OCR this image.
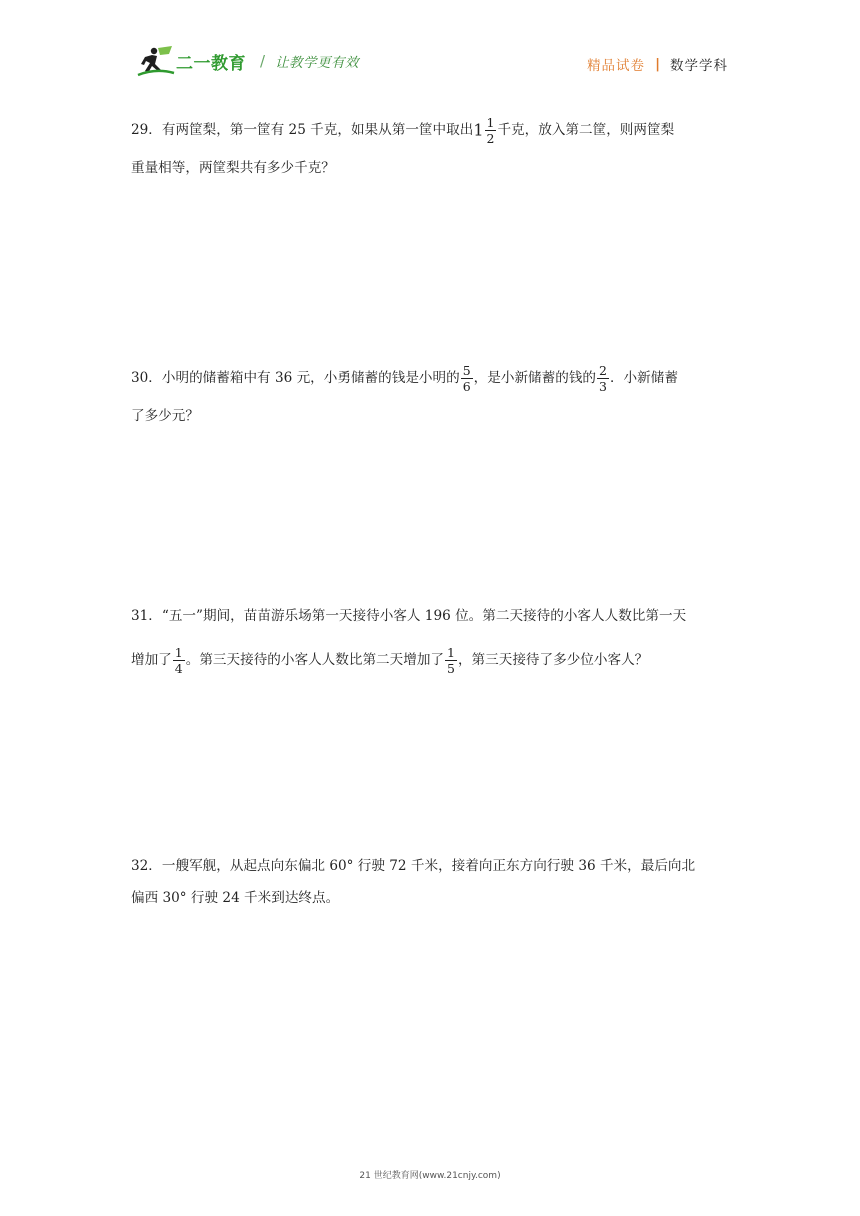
二一教育 / 让教学更有效	精品试卷 | 数学学科
29．有两筐梨，第一筐有 25 千克，如果从第一筐中取出$1 \frac{1}{2}$ 千克，放入第二筐，则两筐梨
重量相等，两筐梨共有多少千克？
30．小明的储蓄箱中有 36 元，小勇储蓄的钱是小明的 $\frac{5}{6}$ ，是小新储蓄的钱的 $\frac{2}{3}$ ．小新储蓄
了多少元？
31．“五一”期间，苗苗游乐场第一天接待小客人 196 位。第二天接待的小客人人数比第一天
增加了 $\frac{1}{4}$ 。第三天接待的小客人人数比第二天增加了 $\frac{1}{5}$ ，第三天接待了多少位小客人？
32．一艘军舰，从起点向东偏北 60° 行驶 72 千米，接着向正东方向行驶 36 千米，最后向北
偏西 30° 行驶 24 千米到达终点。
21 世纪教育网(www.21cnjy.com)
